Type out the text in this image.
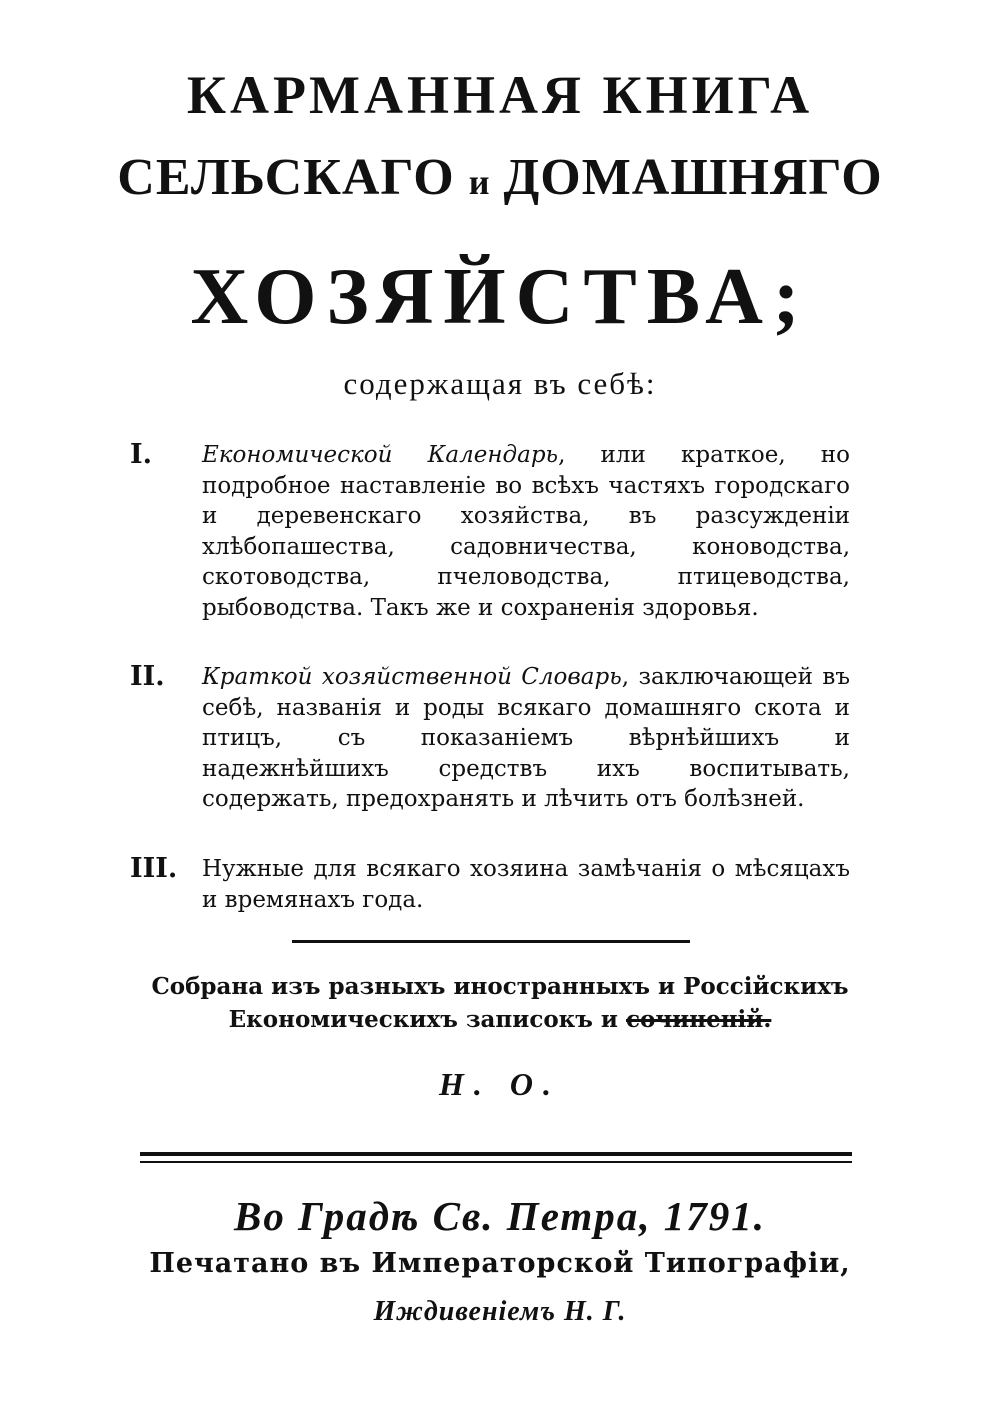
КАРМАННАЯ КНИГА
СЕЛЬСКАГО и ДОМАШНЯГО
ХОЗЯЙСТВА;
содержащая въ себѣ:
I.	Економической Календарь, или краткое, но подробное наставленіе во всѣхъ частяхъ городскаго и деревенскаго хозяйства, въ разсужденіи хлѣбопашества, садовничества, коноводства, скотоводства, пчеловодства, птицеводства, рыбоводства. Такъ же и сохраненія здоровья.
II.	Краткой хозяйственной Словарь, заключающей въ себѣ, названія и роды всякаго домашняго скота и птицъ, съ показаніемъ вѣрнѣйшихъ и надежнѣйшихъ средствъ ихъ воспитывать, содержать, предохранять и лѣчить отъ болѣзней.
III.	Нужные для всякаго хозяина замѣчанія о мѣсяцахъ и времянахъ года.
Собрана изъ разныхъ иностранныхъ и Россійскихъ
Економическихъ записокъ и сочиненій.
Н. О.
Во Градѣ Св. Петра, 1791.
Печатано въ Императорской Типографіи,
Иждивеніемъ Н. Г.
